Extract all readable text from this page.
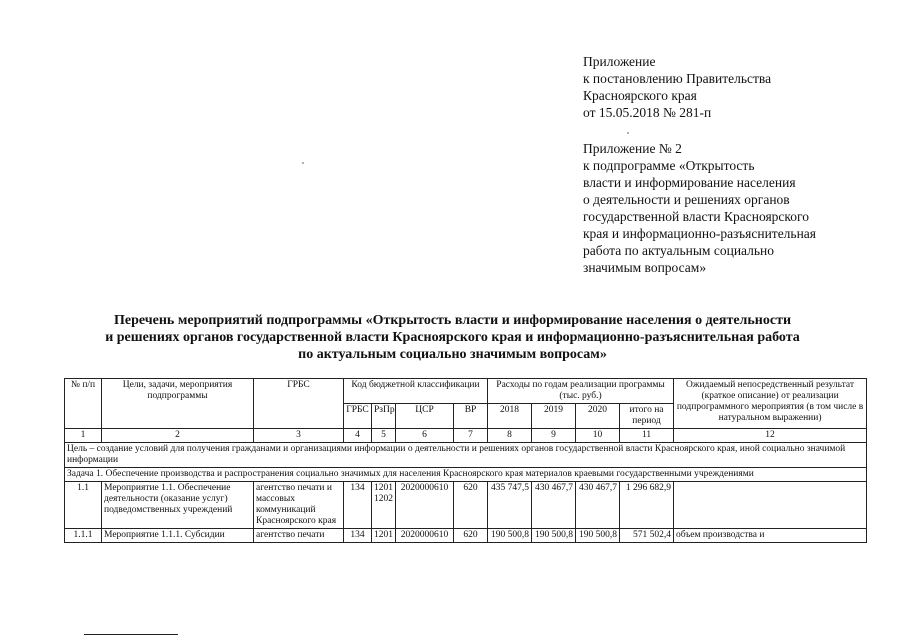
Приложение
к постановлению Правительства
Красноярского края
от 15.05.2018 № 281-п
Приложение № 2
к подпрограмме «Открытость
власти и информирование населения
о деятельности и решениях органов
государственной власти Красноярского
края и информационно-разъяснительная
работа по актуальным социально
значимым вопросам»
Перечень мероприятий подпрограммы «Открытость власти и информирование населения о деятельности
и решениях органов государственной власти Красноярского края и информационно-разъяснительная работа
по актуальным социально значимым вопросам»
№ п/п	Цели, задачи, мероприятия подпрограммы	ГРБС	Код бюджетной классификации				Расходы по годам реализации программы (тыс. руб.)				Ожидаемый непосредственный результат (краткое описание) от реализации подпрограммного мероприятия (в том числе в натуральном выражении)
			ГРБС	РзПр	ЦСР	ВР	2018	2019	2020	итого на период	
1	2	3	4	5	6	7	8	9	10	11	12
Цель – создание условий для получения гражданами и организациями информации о деятельности и решениях органов государственной власти Красноярского края, иной социально значимой информации											
Задача 1. Обеспечение производства и распространения социально значимых для населения Красноярского края материалов краевыми государственными учреждениями											
1.1	Мероприятие 1.1. Обеспечение деятельности (оказание услуг) подведомственных учреждений	агентство печати и массовых коммуникаций Красноярского края	134	1201 1202	2020000610	620	435 747,5	430 467,7	430 467,7	1 296 682,9	
1.1.1	Мероприятие 1.1.1. Субсидии	агентство печати	134	1201	2020000610	620	190 500,8	190 500,8	190 500,8	571 502,4	объем производства и
